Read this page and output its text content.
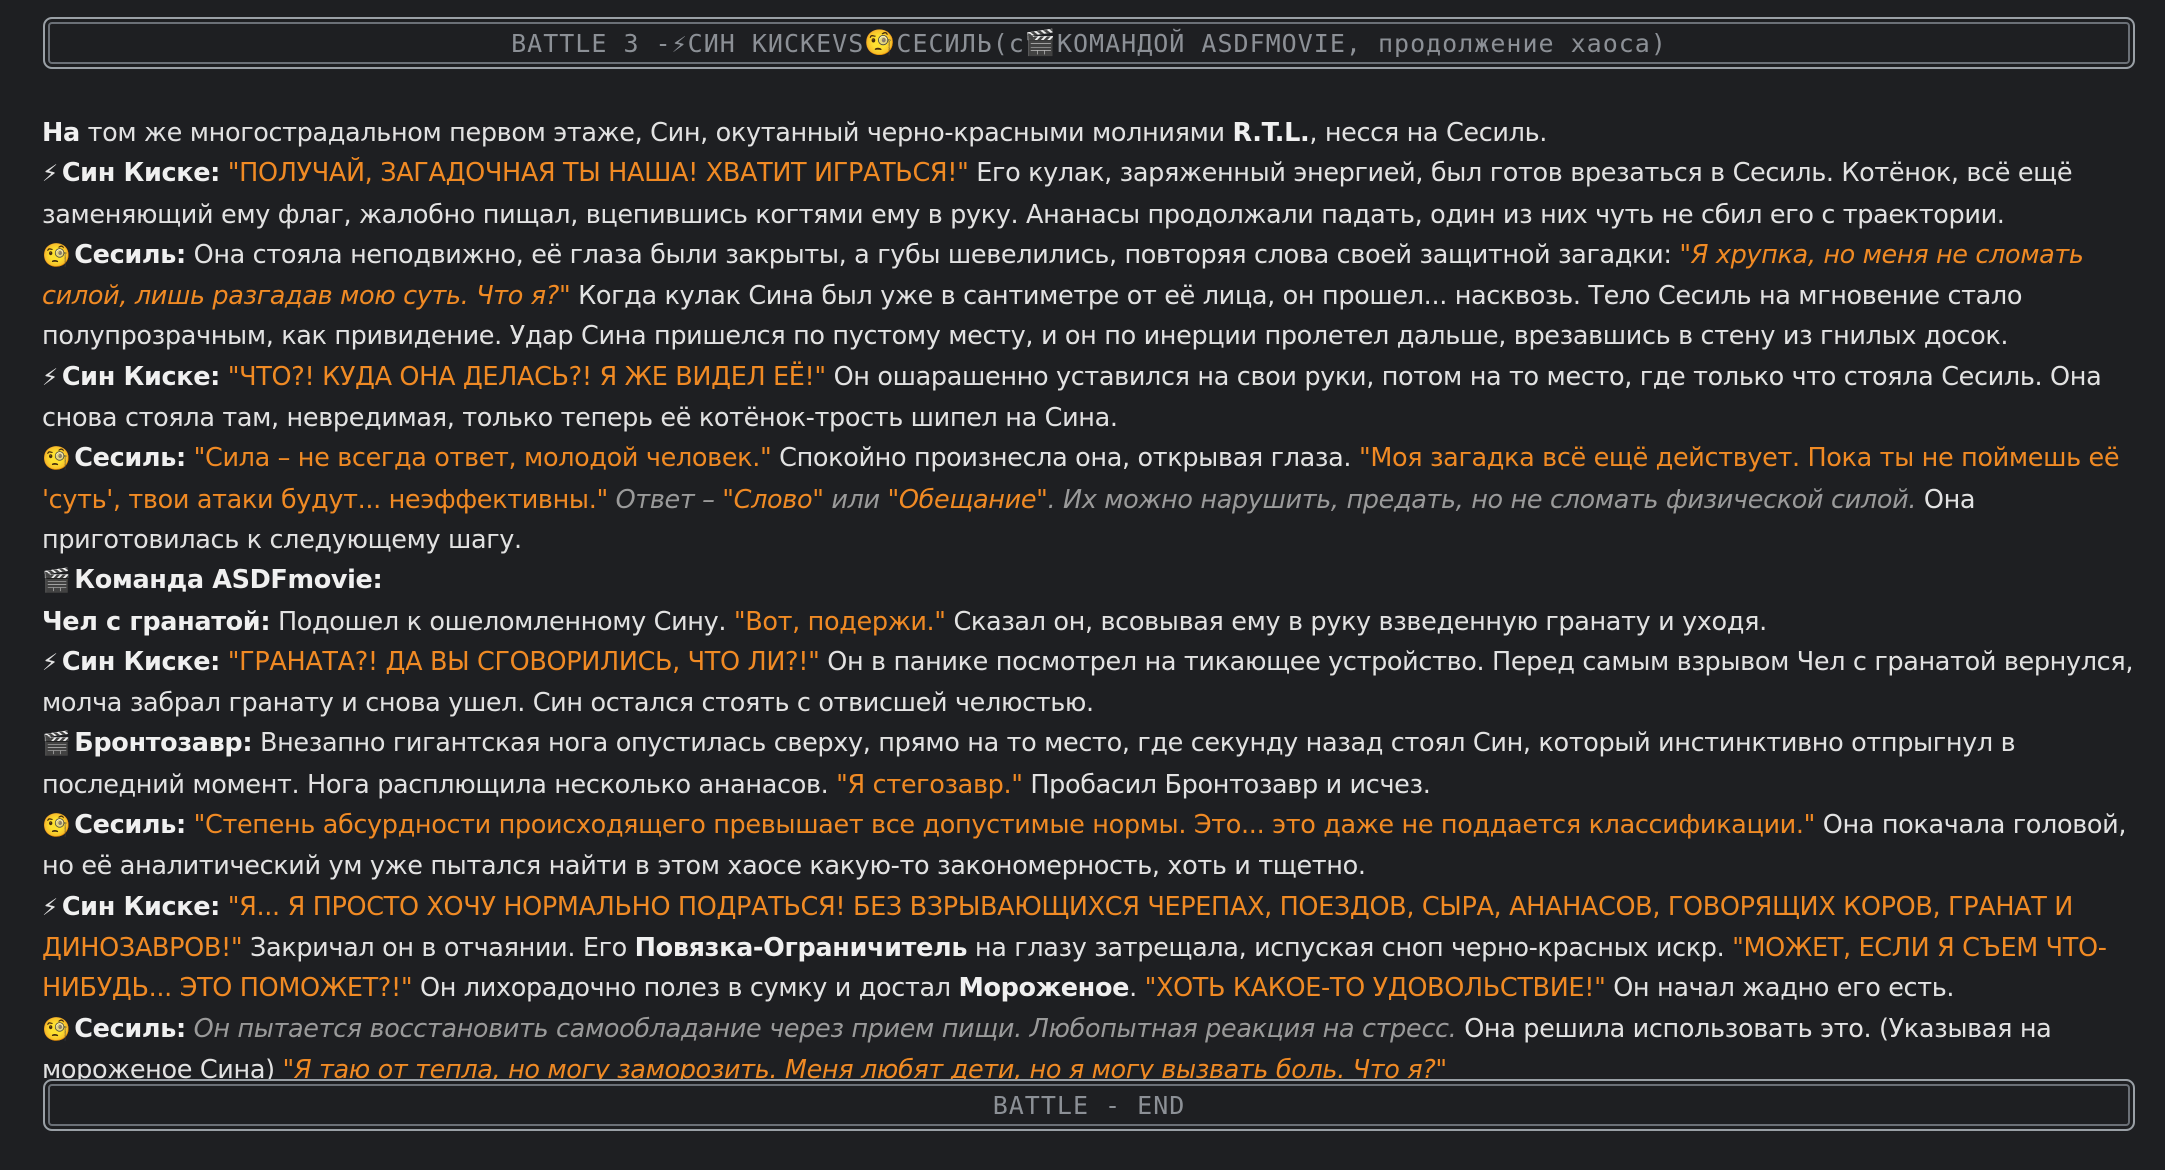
BATTLE 3 - ⚡ СИН КИСКЕ VS 🧐 СЕСИЛЬ (с 🎬 КОМАНДОЙ ASDFMOVIE, продолжение хаоса)

На том же многострадальном первом этаже, Син, окутанный черно-красными молниями R.T.L., несся на Сесиль.

⚡ Син Киске: "ПОЛУЧАЙ, ЗАГАДОЧНАЯ ТЫ НАША! ХВАТИТ ИГРАТЬСЯ!" Его кулак, заряженный энергией, был готов врезаться в Сесиль. Котёнок, всё ещё заменяющий ему флаг, жалобно пищал, вцепившись когтями ему в руку. Ананасы продолжали падать, один из них чуть не сбил его с траектории.

🧐 Сесиль: Она стояла неподвижно, её глаза были закрыты, а губы шевелились, повторяя слова своей защитной загадки: "Я хрупка, но меня не сломать силой, лишь разгадав мою суть. Что я?" Когда кулак Сина был уже в сантиметре от её лица, он прошел... насквозь. Тело Сесиль на мгновение стало полупрозрачным, как привидение. Удар Сина пришелся по пустому месту, и он по инерции пролетел дальше, врезавшись в стену из гнилых досок.

⚡ Син Киске: "ЧТО?! КУДА ОНА ДЕЛАСЬ?! Я ЖЕ ВИДЕЛ ЕЁ!" Он ошарашенно уставился на свои руки, потом на то место, где только что стояла Сесиль. Она снова стояла там, невредимая, только теперь её котёнок-трость шипел на Сина.

🧐 Сесиль: "Сила – не всегда ответ, молодой человек." Спокойно произнесла она, открывая глаза. "Моя загадка всё ещё действует. Пока ты не поймешь её 'суть', твои атаки будут... неэффективны." Ответ – "Слово" или "Обещание". Их можно нарушить, предать, но не сломать физической силой. Она приготовилась к следующему шагу.

🎬 Команда ASDFmovie:

Чел с гранатой: Подошел к ошеломленному Сину. "Вот, подержи." Сказал он, всовывая ему в руку взведенную гранату и уходя.

⚡ Син Киске: "ГРАНАТА?! ДА ВЫ СГОВОРИЛИСЬ, ЧТО ЛИ?!" Он в панике посмотрел на тикающее устройство. Перед самым взрывом Чел с гранатой вернулся, молча забрал гранату и снова ушел. Син остался стоять с отвисшей челюстью.

🎬 Бронтозавр: Внезапно гигантская нога опустилась сверху, прямо на то место, где секунду назад стоял Син, который инстинктивно отпрыгнул в последний момент. Нога расплющила несколько ананасов. "Я стегозавр." Пробасил Бронтозавр и исчез.

🧐 Сесиль: "Степень абсурдности происходящего превышает все допустимые нормы. Это... это даже не поддается классификации." Она покачала головой, но её аналитический ум уже пытался найти в этом хаосе какую-то закономерность, хоть и тщетно.

⚡ Син Киске: "Я... Я ПРОСТО ХОЧУ НОРМАЛЬНО ПОДРАТЬСЯ! БЕЗ ВЗРЫВАЮЩИХСЯ ЧЕРЕПАХ, ПОЕЗДОВ, СЫРА, АНАНАСОВ, ГОВОРЯЩИХ КОРОВ, ГРАНАТ И ДИНОЗАВРОВ!" Закричал он в отчаянии. Его Повязка-Ограничитель на глазу затрещала, испуская сноп черно-красных искр. "МОЖЕТ, ЕСЛИ Я СЪЕМ ЧТО-НИБУДЬ... ЭТО ПОМОЖЕТ?!" Он лихорадочно полез в сумку и достал Мороженое. "ХОТЬ КАКОЕ-ТО УДОВОЛЬСТВИЕ!" Он начал жадно его есть.

🧐 Сесиль: Он пытается восстановить самообладание через прием пищи. Любопытная реакция на стресс. Она решила использовать это. (Указывая на мороженое Сина) "Я таю от тепла, но могу заморозить. Меня любят дети, но я могу вызвать боль. Что я?"

BATTLE - END
